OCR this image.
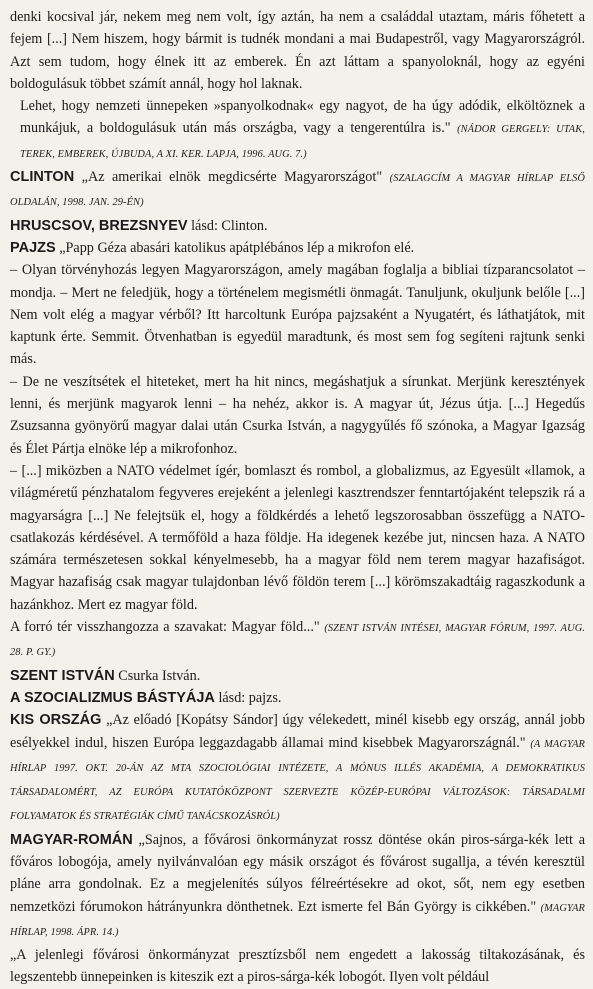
denki kocsival jár, nekem meg nem volt, így aztán, ha nem a családdal utaztam, máris főhetett a fejem [...] Nem hiszem, hogy bármit is tudnék mondani a mai Budapestről, vagy Magyarországról. Azt sem tudom, hogy élnek itt az emberek. Én azt láttam a spanyoloknál, hogy az egyéni boldogulásuk többet számít annál, hogy hol laknak.

Lehet, hogy nemzeti ünnepeken »spanyolkodnak« egy nagyot, de ha úgy adódik, elköltöznek a munkájuk, a boldogulásuk után más országba, vagy a tengerentúlra is." (NÁDOR GERGELY: UTAK, TEREK, EMBEREK, ÚJBUDA, A XI. KER. LAPJA, 1996. AUG. 7.)

CLINTON „Az amerikai elnök megdicsérte Magyarországot" (SZALAGCÍM A MAGYAR HÍRLAP ELSŐ OLDALÁN, 1998. JAN. 29-ÉN)

HRUSCSOV, BREZSNYEV lásd: Clinton.

PAJZS „Papp Géza abasári katolikus apátplébános lép a mikrofon elé.

– Olyan törvényhozás legyen Magyarországon, amely magában foglalja a bibliai tízparancsolatot – mondja. – Mert ne feledjük, hogy a történelem megismétli önmagát. Tanuljunk, okuljunk belőle [...] Nem volt elég a magyar vérből? Itt harcoltunk Európa pajzsaként a Nyugatért, és láthatjátok, mit kaptunk érte. Semmit. Ötvenhatban is egyedül maradtunk, és most sem fog segíteni rajtunk senki más.

– De ne veszítsétek el hiteteket, mert ha hit nincs, megáshatjuk a sírunkat. Merjünk keresztények lenni, és merjünk magyarok lenni – ha nehéz, akkor is. A magyar út, Jézus útja. [...] Hegedűs Zsuzsanna gyönyörű magyar dalai után Csurka István, a nagygyűlés fő szónoka, a Magyar Igazság és Élet Pártja elnöke lép a mikrofonhoz.

– [...] miközben a NATO védelmet ígér, bomlaszt és rombol, a globalizmus, az Egyesült «llamok, a világméretű pénzhatalom fegyveres erejeként a jelenlegi kasztrendszer fenntartójaként telepszik rá a magyarságra [...] Ne felejtsük el, hogy a földkérdés a lehető legszorosabban összefügg a NATO-csatlakozás kérdésével. A termőföld a haza földje. Ha idegenek kezébe jut, nincsen haza. A NATO számára természetesen sokkal kényelmesebb, ha a magyar föld nem terem magyar hazafiságot. Magyar hazafiság csak magyar tulajdonban lévő földön terem [...] körömszakadtáig ragaszkodunk a hazánkhoz. Mert ez magyar föld.

A forró tér visszhangozza a szavakat: Magyar föld..." (SZENT ISTVÁN INTÉSEI, MAGYAR FÓRUM, 1997. AUG. 28. P. GY.)

SZENT ISTVÁN Csurka István.

A SZOCIALIZMUS BÁSTYÁJA lásd: pajzs.

KIS ORSZÁG „Az előadó [Kopátsy Sándor] úgy vélekedett, minél kisebb egy ország, annál jobb esélyekkel indul, hiszen Európa leggazdagabb államai mind kisebbek Magyarországnál." (A MAGYAR HÍRLAP 1997. OKT. 20-ÁN AZ MTA SZOCIOLÓGIAI INTÉZETE, A MÓNUS ILLÉS AKADÉMIA, A DEMOKRATIKUS TÁRSADALOMÉRT, AZ EURÓPA KUTATÓKÖZPONT SZERVEZTE KÖZÉP-EURÓPAI VÁLTOZÁSOK: TÁRSADALMI FOLYAMATOK ÉS STRATÉGIÁK CÍMŰ TANÁCSKOZÁSRÓL)

MAGYAR-ROMÁN „Sajnos, a fővárosi önkormányzat rossz döntése okán piros-sárga-kék lett a főváros lobogója, amely nyilvánvalóan egy másik országot és fővárost sugallja, a tévén keresztül pláne arra gondolnak. Ez a megjelenítés súlyos félreértésekre ad okot, sőt, nem egy esetben nemzetközi fórumokon hátrányunkra dönthetnek. Ezt ismerte fel Bán György is cikkében." (MAGYAR HÍRLAP, 1998. ÁPR. 14.)

„A jelenlegi fővárosi önkormányzat presztízsből nem engedett a lakosság tiltakozásának, és legszentebb ünnepeinken is kiteszik ezt a piros-sárga-kék lobogót. Ilyen volt például
